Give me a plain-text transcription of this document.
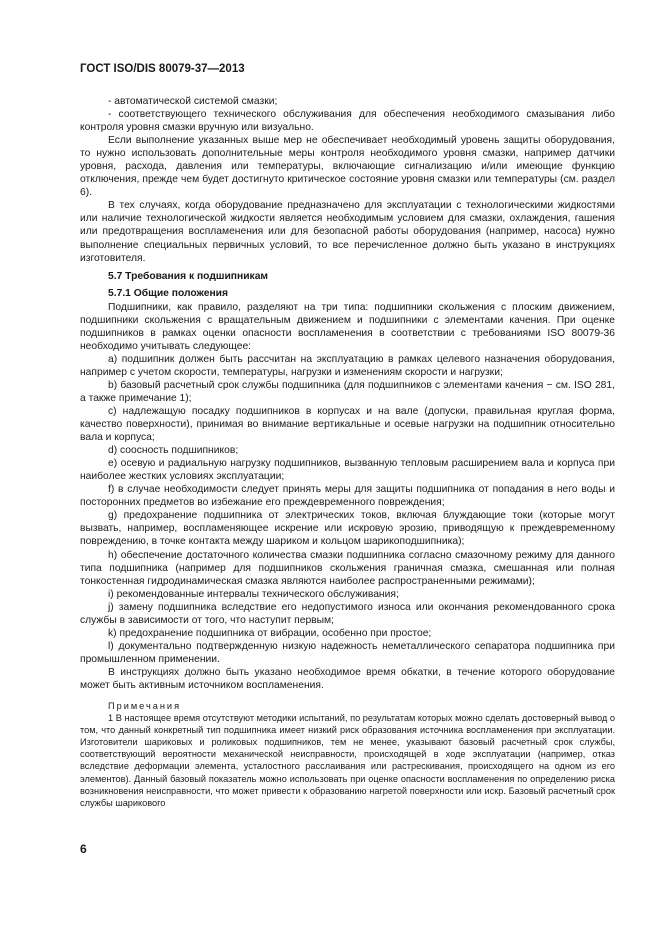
ГОСТ ISO/DIS 80079-37—2013

- автоматической системой смазки;

- соответствующего технического обслуживания для обеспечения необходимого смазывания либо контроля уровня смазки вручную или визуально.

Если выполнение указанных выше мер не обеспечивает необходимый уровень защиты оборудования, то нужно использовать дополнительные меры контроля необходимого уровня смазки, например датчики уровня, расхода, давления или температуры, включающие сигнализацию и/или имеющие функцию отключения, прежде чем будет достигнуто критическое состояние уровня смазки или температуры (см. раздел 6).

В тех случаях, когда оборудование предназначено для эксплуатации с технологическими жидкостями или наличие технологической жидкости является необходимым условием для смазки, охлаждения, гашения или предотвращения воспламенения или для безопасной работы оборудования (например, насоса) нужно выполнение специальных первичных условий, то все перечисленное должно быть указано в инструкциях изготовителя.

5.7 Требования к подшипникам
5.7.1 Общие положения

Подшипники, как правило, разделяют на три типа: подшипники скольжения с плоским движением, подшипники скольжения с вращательным движением и подшипники с элементами качения. При оценке подшипников в рамках оценки опасности воспламенения в соответствии с требованиями ISO 80079-36 необходимо учитывать следующее:

a) подшипник должен быть рассчитан на эксплуатацию в рамках целевого назначения оборудования, например с учетом скорости, температуры, нагрузки и изменениям скорости и нагрузки;

b) базовый расчетный срок службы подшипника (для подшипников с элементами качения − см. ISO 281, а также примечание 1);

c) надлежащую посадку подшипников в корпусах и на вале (допуски, правильная круглая форма, качество поверхности), принимая во внимание вертикальные и осевые нагрузки на подшипник относительно вала и корпуса;

d) соосность подшипников;

e) осевую и радиальную нагрузку подшипников, вызванную тепловым расширением вала и корпуса при наиболее жестких условиях эксплуатации;

f) в случае необходимости следует принять меры для защиты подшипника от попадания в него воды и посторонних предметов во избежание его преждевременного повреждения;

g) предохранение подшипника от электрических токов, включая блуждающие токи (которые могут вызвать, например, воспламеняющее искрение или искровую эрозию, приводящую к преждевременному повреждению, в точке контакта между шариком и кольцом шарикоподшипника);

h) обеспечение достаточного количества смазки подшипника согласно смазочному режиму для данного типа подшипника (например для подшипников скольжения граничная смазка, смешанная или полная тонкостенная гидродинамическая смазка являются наиболее распространенными режимами);

i) рекомендованные интервалы технического обслуживания;

j) замену подшипника вследствие его недопустимого износа или окончания рекомендованного срока службы в зависимости от того, что наступит первым;

k) предохранение подшипника от вибрации, особенно при простое;

l) документально подтвержденную низкую надежность неметаллического сепаратора подшипника при промышленном применении.

В инструкциях должно быть указано необходимое время обкатки, в течение которого оборудование может быть активным источником воспламенения.

Примечания

1 В настоящее время отсутствуют методики испытаний, по результатам которых можно сделать достоверный вывод о том, что данный конкретный тип подшипника имеет низкий риск образования источника воспламенения при эксплуатации. Изготовители шариковых и роликовых подшипников, тем не менее, указывают базовый расчетный срок службы, соответствующий вероятности механической неисправности, происходящей в ходе эксплуатации (например, отказ вследствие деформации элемента, усталостного расслаивания или растрескивания, происходящего на одном из его элементов). Данный базовый показатель можно использовать при оценке опасности воспламенения по определению риска возникновения неисправности, что может привести к образованию нагретой поверхности или искр. Базовый расчетный срок службы шарикового

6
